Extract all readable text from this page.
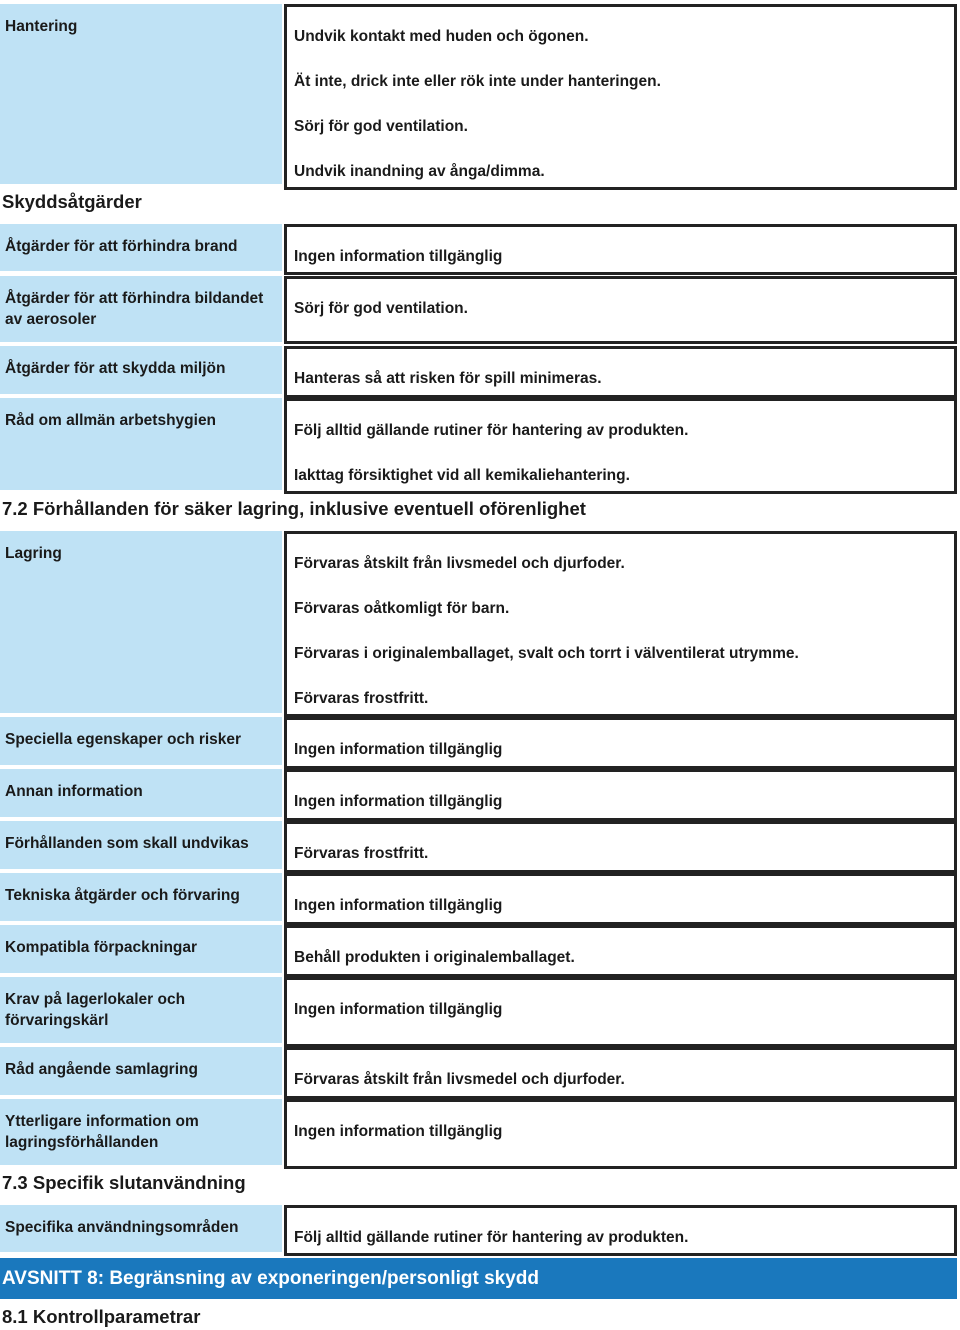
Hantering
Undvik kontakt med huden och ögonen.
Ät inte, drick inte eller rök inte under hanteringen.
Sörj för god ventilation.
Undvik inandning av ånga/dimma.
Skyddsåtgärder
Åtgärder för att förhindra brand
Ingen information tillgänglig
Åtgärder för att förhindra bildandet av aerosoler
Sörj för god ventilation.
Åtgärder för att skydda miljön
Hanteras så att risken för spill minimeras.
Råd om allmän arbetshygien
Följ alltid gällande rutiner för hantering av produkten.
Iakttag försiktighet vid all kemikaliehantering.
7.2 Förhållanden för säker lagring, inklusive eventuell oförenlighet
Lagring
Förvaras åtskilt från livsmedel och djurfoder.
Förvaras oåtkomligt för barn.
Förvaras i originalemballaget, svalt och torrt i välventilerat utrymme.
Förvaras frostfritt.
Speciella egenskaper och risker
Ingen information tillgänglig
Annan information
Ingen information tillgänglig
Förhållanden som skall undvikas
Förvaras frostfritt.
Tekniska åtgärder och förvaring
Ingen information tillgänglig
Kompatibla förpackningar
Behåll produkten i originalemballaget.
Krav på lagerlokaler och förvaringskärl
Ingen information tillgänglig
Råd angående samlagring
Förvaras åtskilt från livsmedel och djurfoder.
Ytterligare information om lagringsförhållanden
Ingen information tillgänglig
7.3 Specifik slutanvändning
Specifika användningsområden
Följ alltid gällande rutiner för hantering av produkten.
AVSNITT 8: Begränsning av exponeringen/personligt skydd
8.1 Kontrollparametrar
